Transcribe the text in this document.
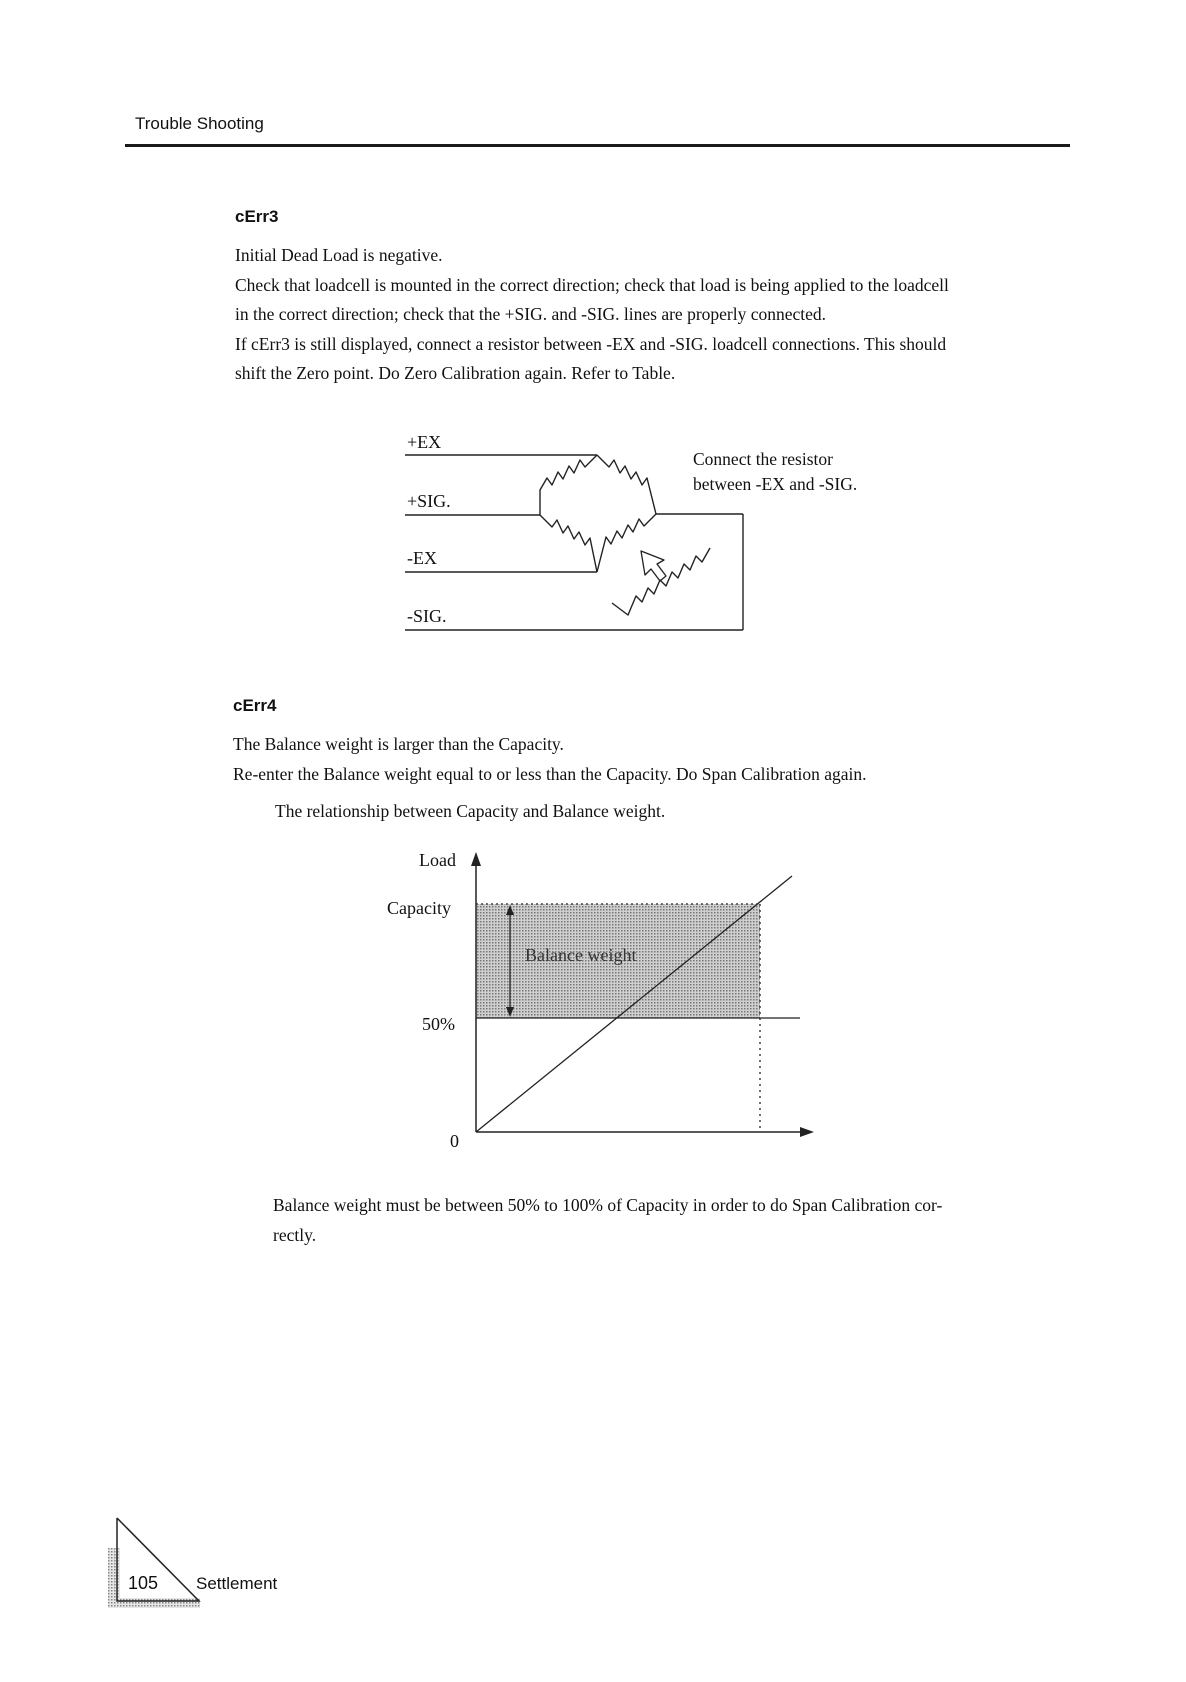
Trouble Shooting
cErr3
Initial Dead Load is negative.
Check that loadcell is mounted in the correct direction; check that load is being applied to the loadcell
in the correct direction; check that the +SIG. and -SIG. lines are properly connected.
If cErr3 is still displayed, connect a resistor between -EX and -SIG. loadcell connections. This should
shift the Zero point. Do Zero Calibration again. Refer to Table.
+EX
+SIG.
-EX
-SIG.
Connect the resistor
between -EX and -SIG.
cErr4
The Balance weight is larger than the Capacity.
Re-enter the Balance weight equal to or less than the Capacity. Do Span Calibration again.
The relationship between Capacity and Balance weight.
Load
Capacity
50%
0
Balance weight
Balance weight must be between 50% to 100% of Capacity in order to do Span Calibration cor-
rectly.
105 Settlement
